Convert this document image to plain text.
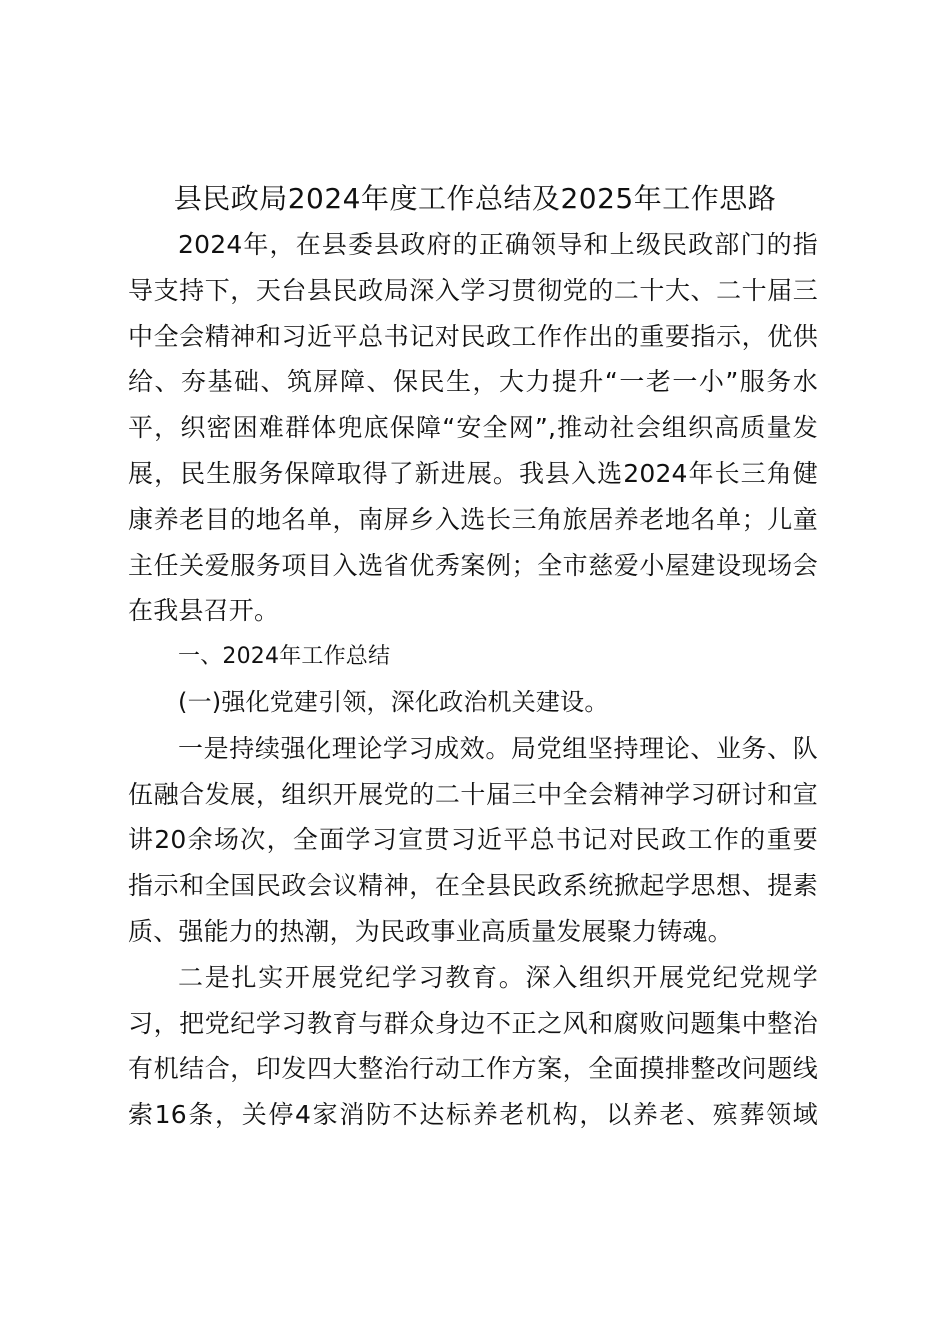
县民政局2024年度工作总结及2025年工作思路
2024年，在县委县政府的正确领导和上级民政部门的指
导支持下，天台县民政局深入学习贯彻党的二十大、二十届三
中全会精神和习近平总书记对民政工作作出的重要指示，优供
给、夯基础、筑屏障、保民生，大力提升“一老一小”服务水
平，织密困难群体兜底保障“安全网”,推动社会组织高质量发
展，民生服务保障取得了新进展。我县入选2024年长三角健
康养老目的地名单，南屏乡入选长三角旅居养老地名单；儿童
主任关爱服务项目入选省优秀案例；全市慈爱小屋建设现场会
在我县召开。
一、2024年工作总结
(一)强化党建引领，深化政治机关建设。
一是持续强化理论学习成效。局党组坚持理论、业务、队
伍融合发展，组织开展党的二十届三中全会精神学习研讨和宣
讲20余场次，全面学习宣贯习近平总书记对民政工作的重要
指示和全国民政会议精神，在全县民政系统掀起学思想、提素
质、强能力的热潮，为民政事业高质量发展聚力铸魂。
二是扎实开展党纪学习教育。深入组织开展党纪党规学
习，把党纪学习教育与群众身边不正之风和腐败问题集中整治
有机结合，印发四大整治行动工作方案，全面摸排整改问题线
索16条，关停4家消防不达标养老机构，以养老、殡葬领域
